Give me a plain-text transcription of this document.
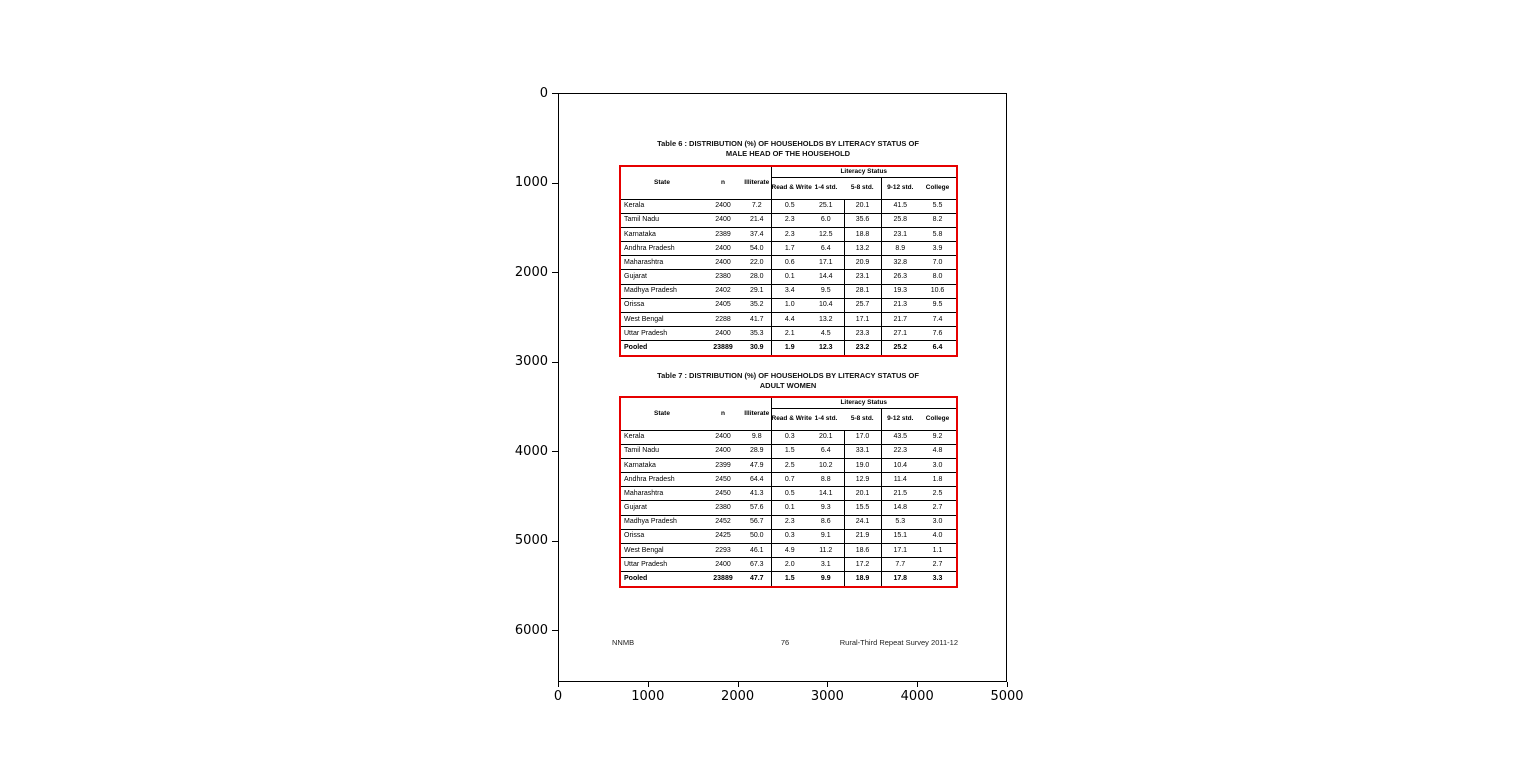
0
1000
2000
3000
4000
5000
6000
0	1000	2000	3000	4000	5000
Table 6 : DISTRIBUTION (%) OF HOUSEHOLDS BY LITERACY STATUS OF
MALE HEAD OF THE HOUSEHOLD
Table 7 : DISTRIBUTION (%) OF HOUSEHOLDS BY LITERACY STATUS OF
ADULT WOMEN
State	n	Illiterate	Literacy Status				
			Read & Write	1-4 std.	5-8 std.	9-12 std.	College
Kerala	2400	7.2	0.5	25.1	20.1	41.5	5.5
Tamil Nadu	2400	21.4	2.3	6.0	35.6	25.8	8.2
Karnataka	2389	37.4	2.3	12.5	18.8	23.1	5.8
Andhra Pradesh	2400	54.0	1.7	6.4	13.2	8.9	3.9
Maharashtra	2400	22.0	0.6	17.1	20.9	32.8	7.0
Gujarat	2380	28.0	0.1	14.4	23.1	26.3	8.0
Madhya Pradesh	2402	29.1	3.4	9.5	28.1	19.3	10.6
Orissa	2405	35.2	1.0	10.4	25.7	21.3	9.5
West Bengal	2288	41.7	4.4	13.2	17.1	21.7	7.4
Uttar Pradesh	2400	35.3	2.1	4.5	23.3	27.1	7.6
Pooled	23889	30.9	1.9	12.3	23.2	25.2	6.4
State	n	Illiterate	Literacy Status				
			Read & Write	1-4 std.	5-8 std.	9-12 std.	College
Kerala	2400	9.8	0.3	20.1	17.0	43.5	9.2
Tamil Nadu	2400	28.9	1.5	6.4	33.1	22.3	4.8
Karnataka	2399	47.9	2.5	10.2	19.0	10.4	3.0
Andhra Pradesh	2450	64.4	0.7	8.8	12.9	11.4	1.8
Maharashtra	2450	41.3	0.5	14.1	20.1	21.5	2.5
Gujarat	2380	57.6	0.1	9.3	15.5	14.8	2.7
Madhya Pradesh	2452	56.7	2.3	8.6	24.1	5.3	3.0
Orissa	2425	50.0	0.3	9.1	21.9	15.1	4.0
West Bengal	2293	46.1	4.9	11.2	18.6	17.1	1.1
Uttar Pradesh	2400	67.3	2.0	3.1	17.2	7.7	2.7
Pooled	23889	47.7	1.5	9.9	18.9	17.8	3.3
NNMB	76	Rural-Third Repeat Survey 2011-12
